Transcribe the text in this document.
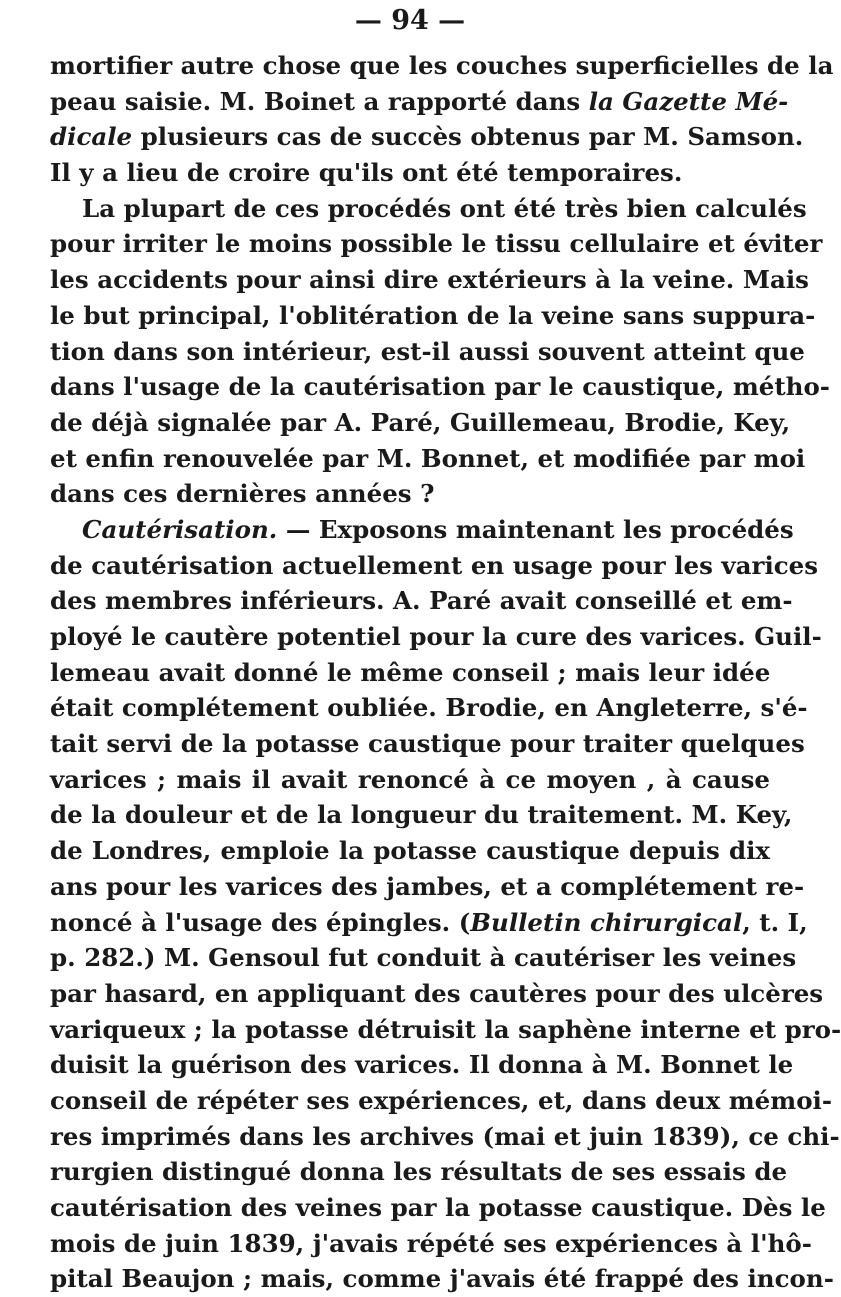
— 94 —
mortifier autre chose que les couches superficielles de la
peau saisie. M. Boinet a rapporté dans la Gazette Mé-
dicale plusieurs cas de succès obtenus par M. Samson.
Il y a lieu de croire qu'ils ont été temporaires.
La plupart de ces procédés ont été très bien calculés
pour irriter le moins possible le tissu cellulaire et éviter
les accidents pour ainsi dire extérieurs à la veine. Mais
le but principal, l'oblitération de la veine sans suppura-
tion dans son intérieur, est-il aussi souvent atteint que
dans l'usage de la cautérisation par le caustique, métho-
de déjà signalée par A. Paré, Guillemeau, Brodie, Key,
et enfin renouvelée par M. Bonnet, et modifiée par moi
dans ces dernières années ?
Cautérisation. — Exposons maintenant les procédés
de cautérisation actuellement en usage pour les varices
des membres inférieurs. A. Paré avait conseillé et em-
ployé le cautère potentiel pour la cure des varices. Guil-
lemeau avait donné le même conseil ; mais leur idée
était complétement oubliée. Brodie, en Angleterre, s'é-
tait servi de la potasse caustique pour traiter quelques
varices ; mais il avait renoncé à ce moyen , à cause
de la douleur et de la longueur du traitement. M. Key,
de Londres, emploie la potasse caustique depuis dix
ans pour les varices des jambes, et a complétement re-
noncé à l'usage des épingles. (Bulletin chirurgical, t. I,
p. 282.) M. Gensoul fut conduit à cautériser les veines
par hasard, en appliquant des cautères pour des ulcères
variqueux ; la potasse détruisit la saphène interne et pro-
duisit la guérison des varices. Il donna à M. Bonnet le
conseil de répéter ses expériences, et, dans deux mémoi-
res imprimés dans les archives (mai et juin 1839), ce chi-
rurgien distingué donna les résultats de ses essais de
cautérisation des veines par la potasse caustique. Dès le
mois de juin 1839, j'avais répété ses expériences à l'hô-
pital Beaujon ; mais, comme j'avais été frappé des incon-
